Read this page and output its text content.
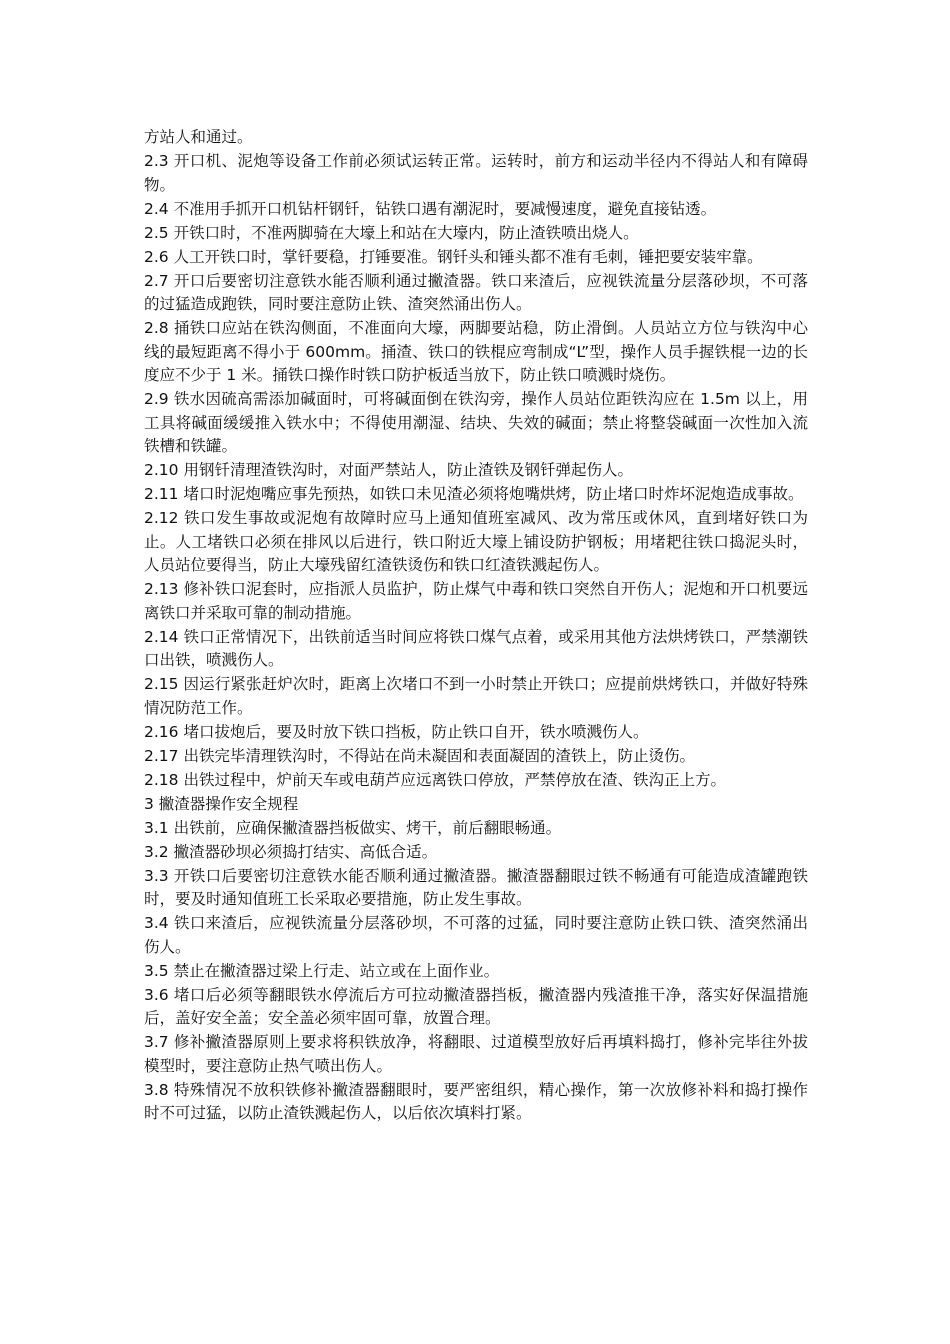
方站人和通过。

2.3 开口机、泥炮等设备工作前必须试运转正常。运转时，前方和运动半径内不得站人和有障碍物。

2.4 不准用手抓开口机钻杆钢钎，钻铁口遇有潮泥时，要减慢速度，避免直接钻透。

2.5 开铁口时，不准两脚骑在大壕上和站在大壕内，防止渣铁喷出烧人。

2.6 人工开铁口时，掌钎要稳，打锤要准。钢钎头和锤头都不准有毛刺，锤把要安装牢靠。

2.7 开口后要密切注意铁水能否顺利通过撇渣器。铁口来渣后，应视铁流量分层落砂坝，不可落的过猛造成跑铁，同时要注意防止铁、渣突然涌出伤人。

2.8 捅铁口应站在铁沟侧面，不准面向大壕，两脚要站稳，防止滑倒。人员站立方位与铁沟中心线的最短距离不得小于 600mm。捅渣、铁口的铁棍应弯制成“L”型，操作人员手握铁棍一边的长度应不少于 1 米。捅铁口操作时铁口防护板适当放下，防止铁口喷溅时烧伤。

2.9 铁水因硫高需添加碱面时，可将碱面倒在铁沟旁，操作人员站位距铁沟应在 1.5m 以上，用工具将碱面缓缓推入铁水中；不得使用潮湿、结块、失效的碱面；禁止将整袋碱面一次性加入流铁槽和铁罐。

2.10 用钢钎清理渣铁沟时，对面严禁站人，防止渣铁及钢钎弹起伤人。

2.11 堵口时泥炮嘴应事先预热，如铁口未见渣必须将炮嘴烘烤，防止堵口时炸坏泥炮造成事故。

2.12 铁口发生事故或泥炮有故障时应马上通知值班室减风、改为常压或休风，直到堵好铁口为止。人工堵铁口必须在排风以后进行，铁口附近大壕上铺设防护钢板；用堵耙往铁口捣泥头时，人员站位要得当，防止大壕残留红渣铁烫伤和铁口红渣铁溅起伤人。

2.13 修补铁口泥套时，应指派人员监护，防止煤气中毒和铁口突然自开伤人；泥炮和开口机要远离铁口并采取可靠的制动措施。

2.14 铁口正常情况下，出铁前适当时间应将铁口煤气点着，或采用其他方法烘烤铁口，严禁潮铁口出铁，喷溅伤人。

2.15 因运行紧张赶炉次时，距离上次堵口不到一小时禁止开铁口；应提前烘烤铁口，并做好特殊情况防范工作。

2.16 堵口拔炮后，要及时放下铁口挡板，防止铁口自开，铁水喷溅伤人。

2.17 出铁完毕清理铁沟时，不得站在尚未凝固和表面凝固的渣铁上，防止烫伤。

2.18 出铁过程中，炉前天车或电葫芦应远离铁口停放，严禁停放在渣、铁沟正上方。

3 撇渣器操作安全规程

3.1 出铁前，应确保撇渣器挡板做实、烤干，前后翻眼畅通。

3.2 撇渣器砂坝必须捣打结实、高低合适。

3.3 开铁口后要密切注意铁水能否顺利通过撇渣器。撇渣器翻眼过铁不畅通有可能造成渣罐跑铁时，要及时通知值班工长采取必要措施，防止发生事故。

3.4 铁口来渣后，应视铁流量分层落砂坝，不可落的过猛，同时要注意防止铁口铁、渣突然涌出伤人。

3.5 禁止在撇渣器过梁上行走、站立或在上面作业。

3.6 堵口后必须等翻眼铁水停流后方可拉动撇渣器挡板，撇渣器内残渣推干净，落实好保温措施后，盖好安全盖；安全盖必须牢固可靠，放置合理。

3.7 修补撇渣器原则上要求将积铁放净，将翻眼、过道模型放好后再填料捣打，修补完毕往外拔模型时，要注意防止热气喷出伤人。

3.8 特殊情况不放积铁修补撇渣器翻眼时，要严密组织，精心操作，第一次放修补料和捣打操作时不可过猛，以防止渣铁溅起伤人，以后依次填料打紧。
